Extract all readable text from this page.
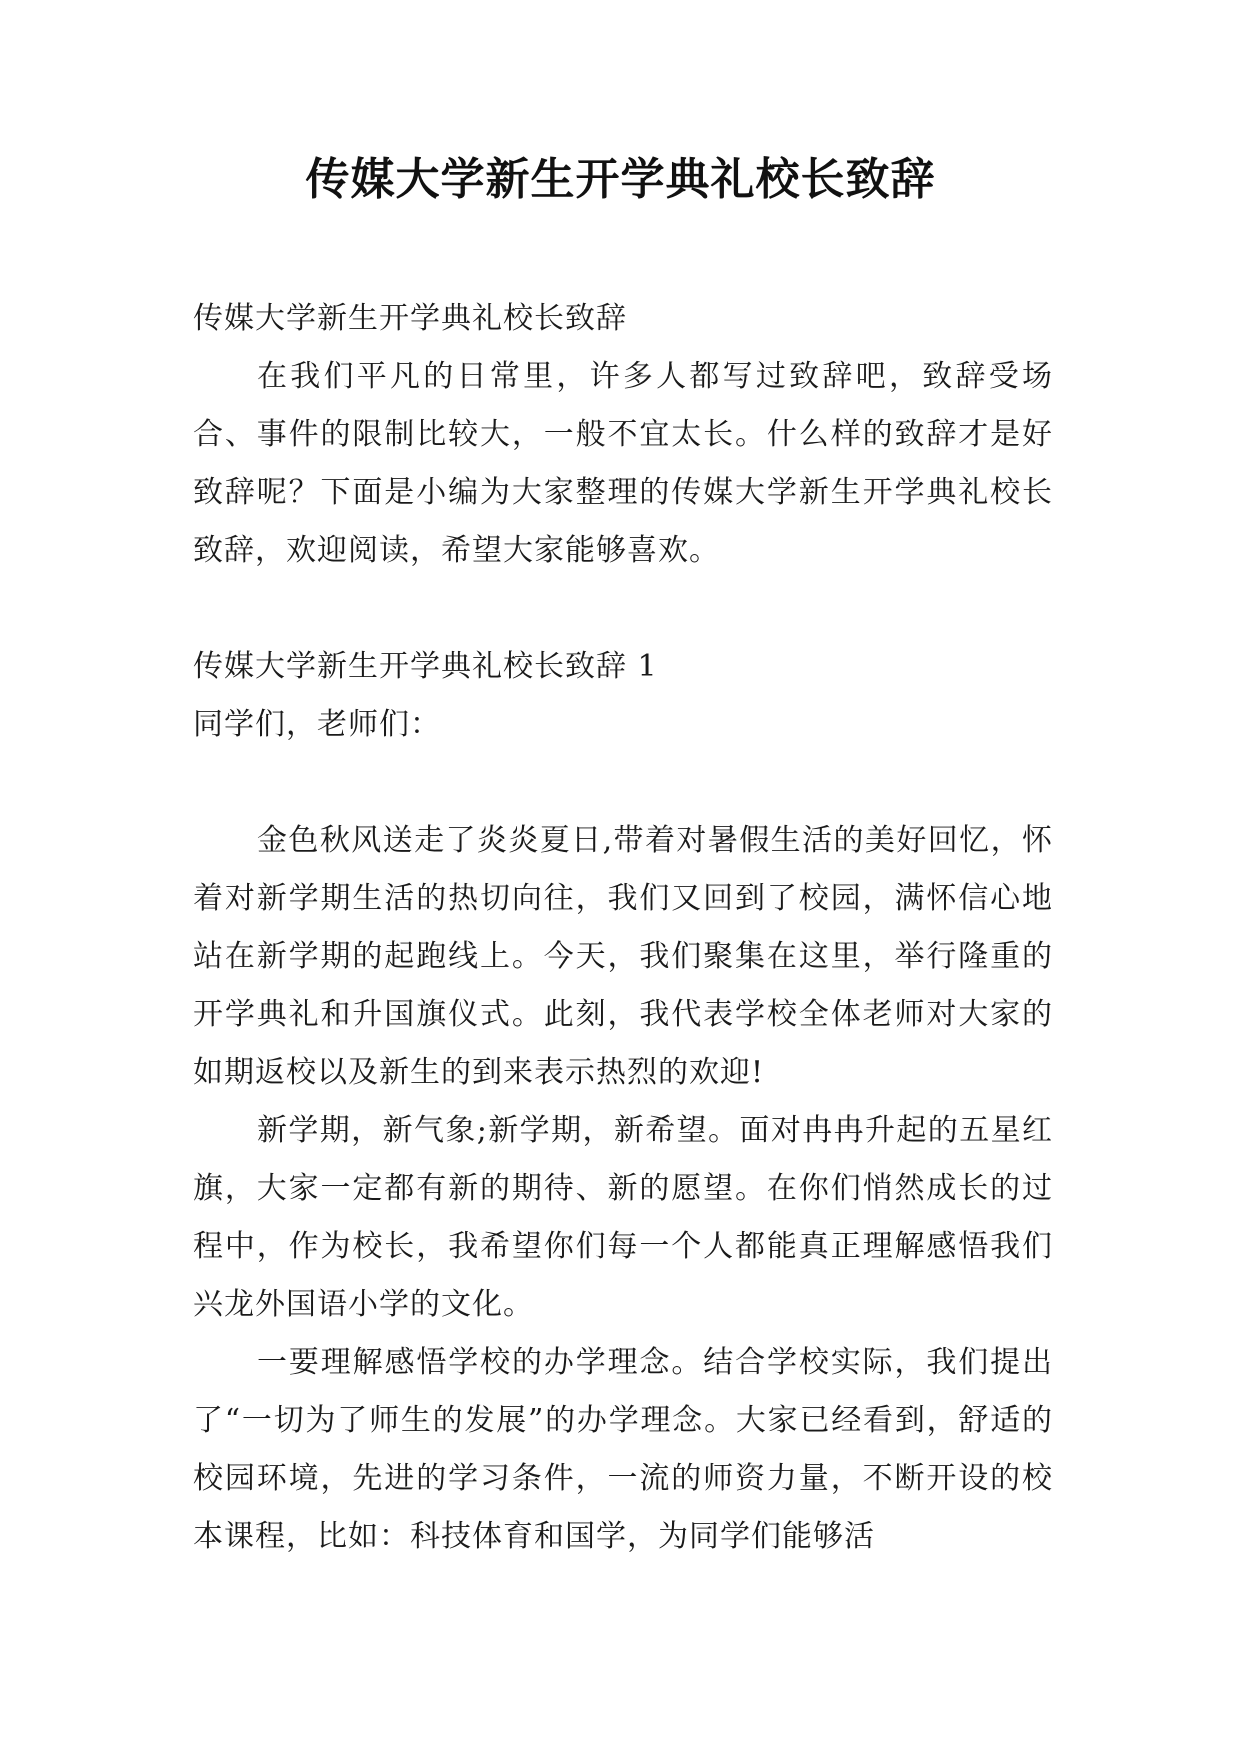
传媒大学新生开学典礼校长致辞

传媒大学新生开学典礼校长致辞

在我们平凡的日常里，许多人都写过致辞吧，致辞受场合、事件的限制比较大，一般不宜太长。什么样的致辞才是好致辞呢？下面是小编为大家整理的传媒大学新生开学典礼校长致辞，欢迎阅读，希望大家能够喜欢。

传媒大学新生开学典礼校长致辞 1

同学们，老师们：

金色秋风送走了炎炎夏日,带着对暑假生活的美好回忆，怀着对新学期生活的热切向往，我们又回到了校园，满怀信心地站在新学期的起跑线上。今天，我们聚集在这里，举行隆重的开学典礼和升国旗仪式。此刻，我代表学校全体老师对大家的如期返校以及新生的到来表示热烈的欢迎!

新学期，新气象;新学期，新希望。面对冉冉升起的五星红旗，大家一定都有新的期待、新的愿望。在你们悄然成长的过程中，作为校长，我希望你们每一个人都能真正理解感悟我们兴龙外国语小学的文化。

一要理解感悟学校的办学理念。结合学校实际，我们提出了“一切为了师生的发展”的办学理念。大家已经看到，舒适的校园环境，先进的学习条件，一流的师资力量，不断开设的校本课程，比如：科技体育和国学，为同学们能够活
